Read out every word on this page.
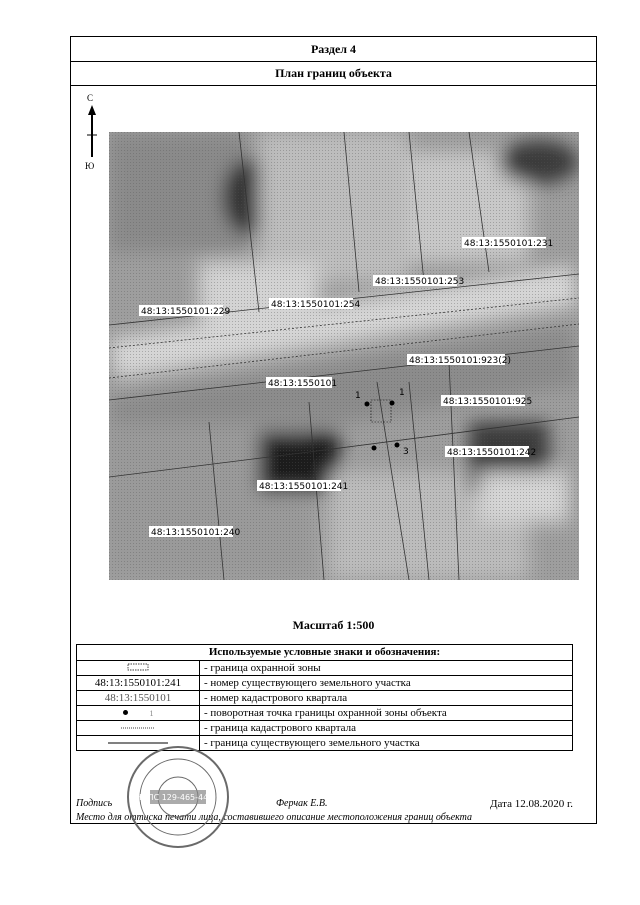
Раздел 4
План границ объекта
С
Ю
48:13:1550101:231
48:13:1550101:253
48:13:1550101:254
48:13:1550101:229
48:13:1550101:923(2)
48:13:1550101
48:13:1550101:925
48:13:1550101:242
48:13:1550101:241
48:13:1550101:240
1	1
3
Масштаб 1:500
Используемые условные знаки и обозначения:	
	- граница охранной зоны
48:13:1550101:241	- номер существующего земельного участка
48:13:1550101	- номер кадастрового квартала
1	- поворотная точка границы охранной зоны объекта
	- граница кадастрового квартала
	- граница существующего земельного участка
Подпись	Ферчак Е.В.	Дата 12.08.2020 г.
Место для оттиска печати лица, составившего описание местоположения границ объекта
СНИЛС 129-465-441 90
